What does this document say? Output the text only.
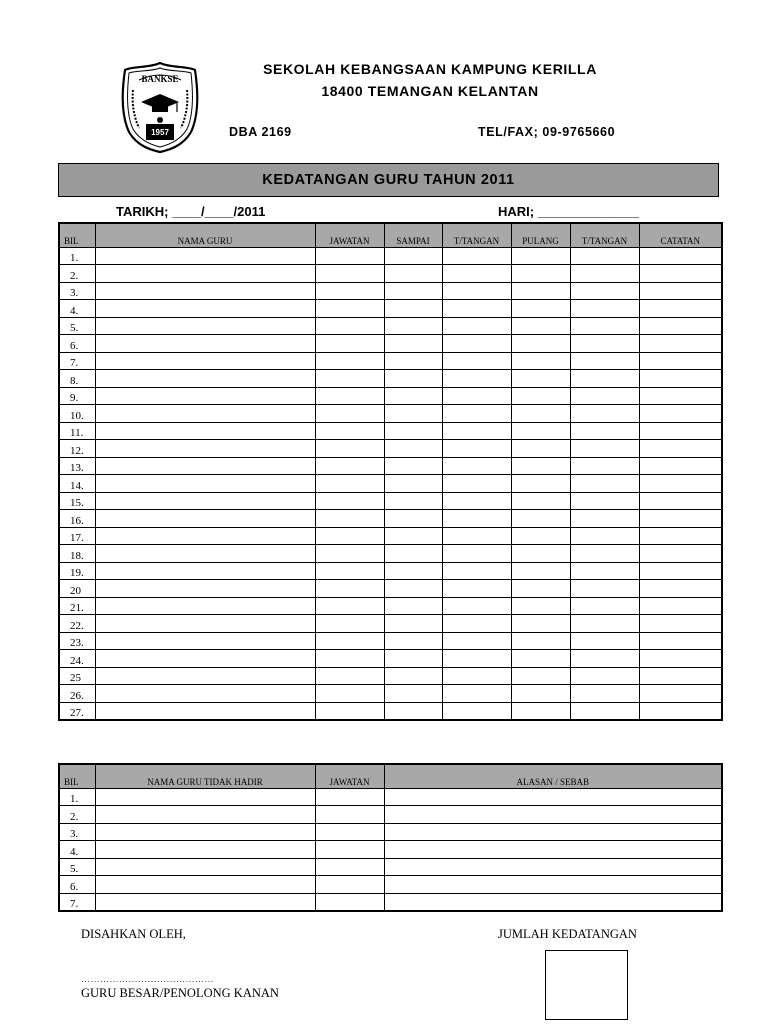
BANKSE
1957
SEKOLAH KEBANGSAAN KAMPUNG KERILLA
18400 TEMANGAN KELANTAN
DBA 2169	TEL/FAX; 09-9765660
KEDATANGAN GURU TAHUN 2011
TARIKH; ____/____/2011	HARI; ______________
BIL	NAMA GURU	JAWATAN	SAMPAI	T/TANGAN	PULANG	T/TANGAN	CATATAN
1.							
2.							
3.							
4.							
5.							
6.							
7.							
8.							
9.							
10.							
11.							
12.							
13.							
14.							
15.							
16.							
17.							
18.							
19.							
20							
21.							
22.							
23.							
24.							
25							
26.							
27.							
BIL	NAMA GURU TIDAK HADIR	JAWATAN	ALASAN / SEBAB
1.			
2.			
3.			
4.			
5.			
6.			
7.			
DISAHKAN OLEH,	JUMLAH KEDATANGAN
……………………………………
GURU BESAR/PENOLONG KANAN
